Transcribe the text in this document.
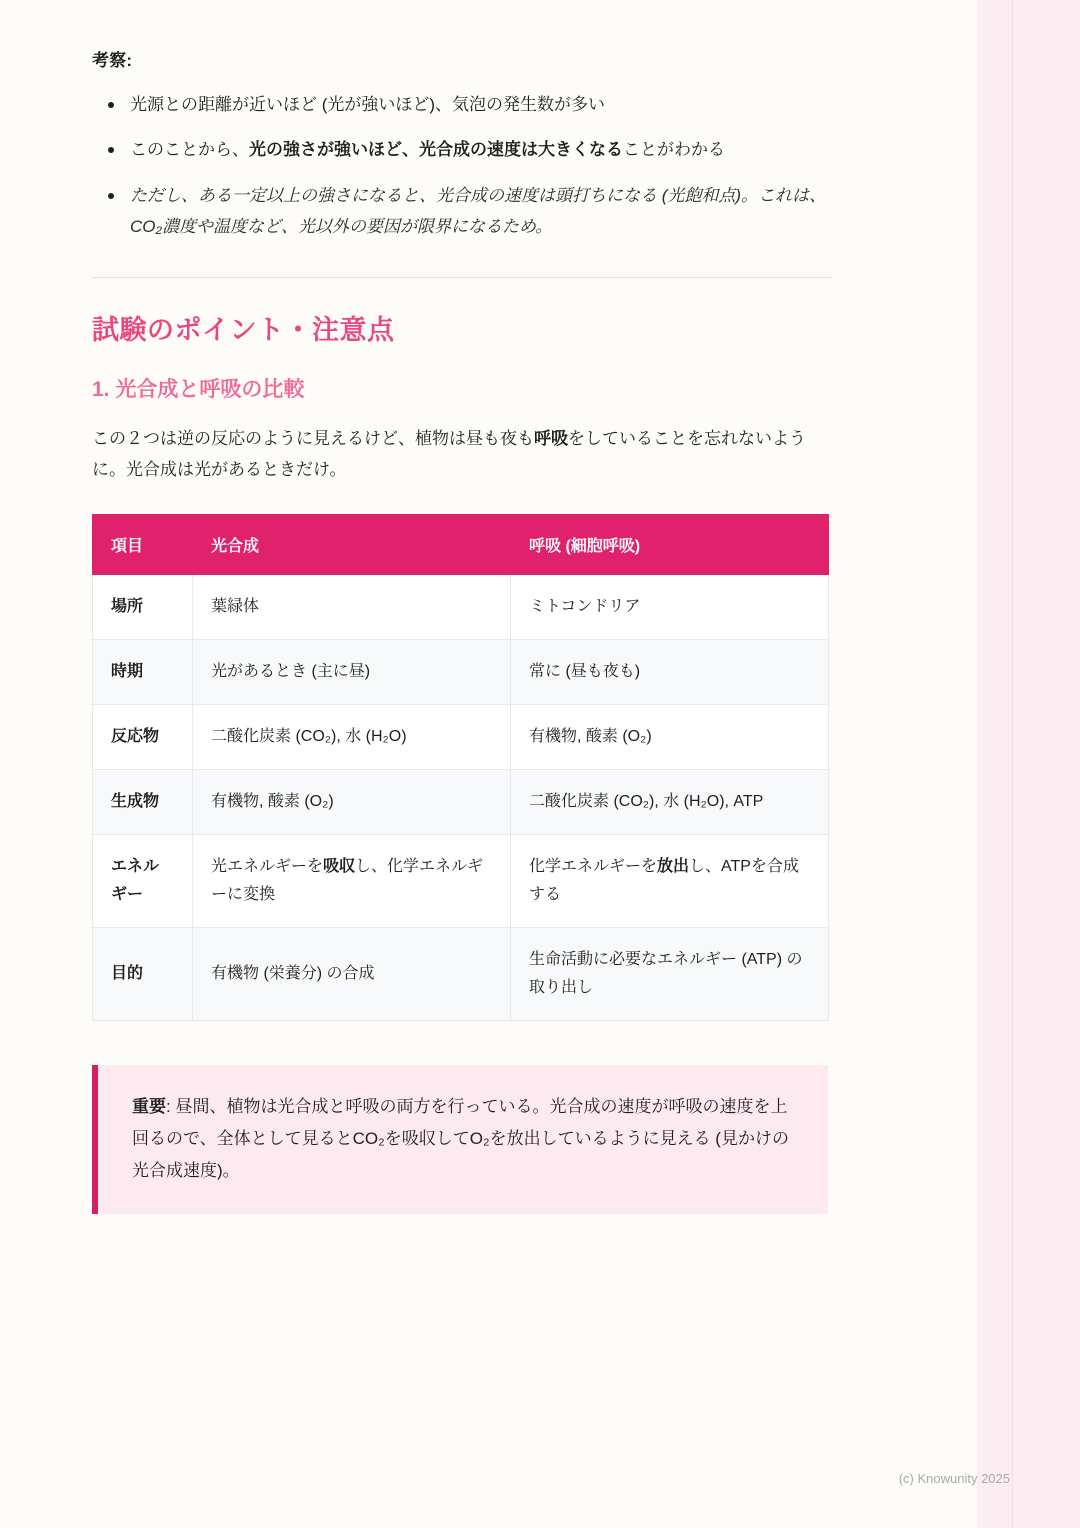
考察:

光源との距離が近いほど (光が強いほど)、気泡の発生数が多い
このことから、光の強さが強いほど、光合成の速度は大きくなることがわかる
ただし、ある一定以上の強さになると、光合成の速度は頭打ちになる (光飽和点)。これは、CO₂濃度や温度など、光以外の要因が限界になるため。
試験のポイント・注意点
1. 光合成と呼吸の比較

この２つは逆の反応のように見えるけど、植物は昼も夜も呼吸をしていることを忘れないように。光合成は光があるときだけ。

項目	光合成	呼吸 (細胞呼吸)
場所	葉緑体	ミトコンドリア
時期	光があるとき (主に昼)	常に (昼も夜も)
反応物	二酸化炭素 (CO₂), 水 (H₂O)	有機物, 酸素 (O₂)
生成物	有機物, 酸素 (O₂)	二酸化炭素 (CO₂), 水 (H₂O), ATP
エネルギー	光エネルギーを吸収し、化学エネルギーに変換	化学エネルギーを放出し、ATPを合成する
目的	有機物 (栄養分) の合成	生命活動に必要なエネルギー (ATP) の取り出し

重要: 昼間、植物は光合成と呼吸の両方を行っている。光合成の速度が呼吸の速度を上回るので、全体として見るとCO₂を吸収してO₂を放出しているように見える (見かけの光合成速度)。

(c) Knowunity 2025
